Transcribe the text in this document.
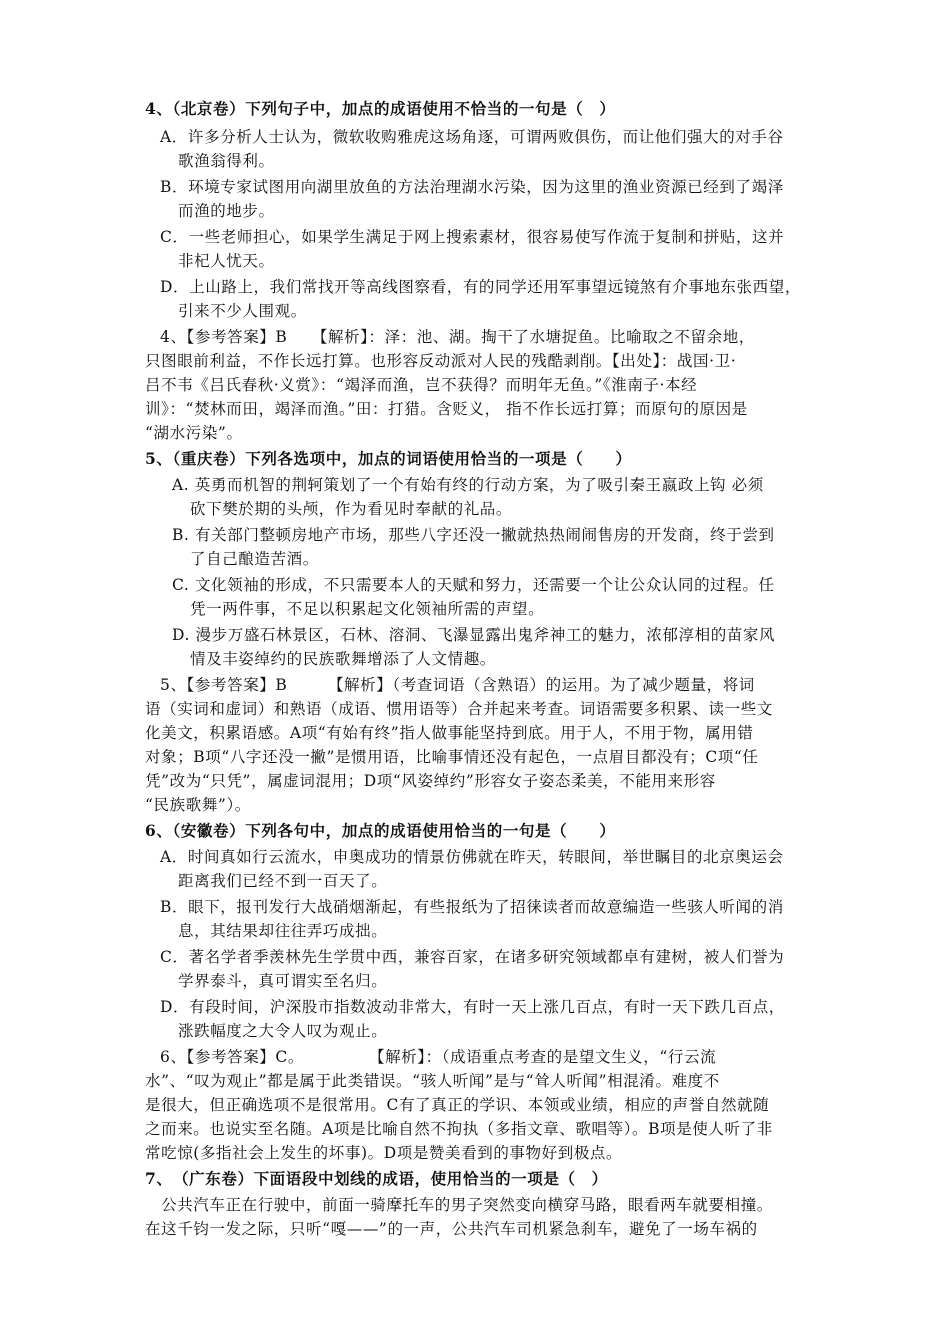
4、（北京卷）下列句子中，加点的成语使用不恰当的一句是（　）
A．许多分析人士认为，微软收购雅虎这场角逐，可谓两败俱伤，而让他们强大的对手谷
歌渔翁得利。
B．环境专家试图用向湖里放鱼的方法治理湖水污染，因为这里的渔业资源已经到了竭泽
而渔的地步。
C．一些老师担心，如果学生满足于网上搜索素材，很容易使写作流于复制和拼贴，这并
非杞人忧天。
D．上山路上，我们常找开等高线图察看，有的同学还用军事望远镜煞有介事地东张西望，
引来不少人围观。
4、【参考答案】B　　【解析】：泽：池、湖。掏干了水塘捉鱼。比喻取之不留余地，
只图眼前利益，不作长远打算。也形容反动派对人民的残酷剥削。【出处】：战国·卫·
吕不韦《吕氏春秋·义赏》：“竭泽而渔，岂不获得？而明年无鱼。”《淮南子·本经
训》：“焚林而田，竭泽而渔。”田：打猎。含贬义， 指不作长远打算；而原句的原因是
“湖水污染”。
5、（重庆卷）下列各选项中，加点的词语使用恰当的一项是（　　）
A. 英勇而机智的荆轲策划了一个有始有终的行动方案，为了吸引秦王嬴政上钩 必须
砍下樊於期的头颅，作为看见时奉献的礼品。
B. 有关部门整顿房地产市场，那些八字还没一撇就热热闹闹售房的开发商，终于尝到
了自己酿造苦酒。
C. 文化领袖的形成，不只需要本人的天赋和努力，还需要一个让公众认同的过程。任
凭一两件事，不足以积累起文化领袖所需的声望。
D. 漫步万盛石林景区，石林、溶洞、飞瀑显露出鬼斧神工的魅力，浓郁淳相的苗家风
情及丰姿绰约的民族歌舞增添了人文情趣。
5、【参考答案】B　　　【解析】（考查词语（含熟语）的运用。为了减少题量，将词
语（实词和虚词）和熟语（成语、惯用语等）合并起来考查。词语需要多积累、读一些文
化美文，积累语感。A项“有始有终”指人做事能坚持到底。用于人，不用于物，属用错
对象；B项“八字还没一撇”是惯用语，比喻事情还没有起色，一点眉目都没有；C项“任
凭”改为“只凭”，属虚词混用；D项“风姿绰约”形容女子姿态柔美，不能用来形容
“民族歌舞”）。
6、（安徽卷）下列各句中，加点的成语使用恰当的一句是（　　）
A．时间真如行云流水，申奥成功的情景仿佛就在昨天，转眼间，举世瞩目的北京奥运会
距离我们已经不到一百天了。
B．眼下，报刊发行大战硝烟渐起，有些报纸为了招徕读者而故意编造一些骇人听闻的消
息，其结果却往往弄巧成拙。
C．著名学者季羡林先生学贯中西，兼容百家，在诸多研究领域都卓有建树，被人们誉为
学界泰斗，真可谓实至名归。
D．有段时间，沪深股市指数波动非常大，有时一天上涨几百点，有时一天下跌几百点，
涨跌幅度之大令人叹为观止。
6、【参考答案】C。　　　　　【解析】：（成语重点考查的是望文生义，“行云流
水”、“叹为观止”都是属于此类错误。“骇人听闻”是与“耸人听闻”相混淆。难度不
是很大，但正确选项不是很常用。C有了真正的学识、本领或业绩，相应的声誉自然就随
之而来。也说实至名随。A项是比喻自然不拘执（多指文章、歌唱等）。B项是使人听了非
常吃惊(多指社会上发生的坏事)。D项是赞美看到的事物好到极点。
7、　（广东卷）下面语段中划线的成语，使用恰当的一项是（　）
　公共汽车正在行驶中，前面一骑摩托车的男子突然变向横穿马路，眼看两车就要相撞。
在这千钧一发之际，只听“嘎——”的一声，公共汽车司机紧急刹车，避免了一场车祸的
